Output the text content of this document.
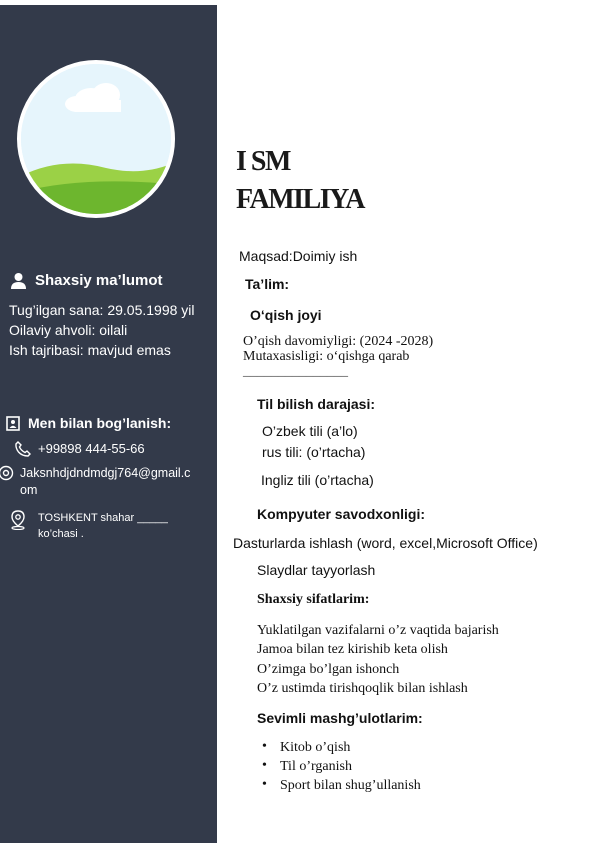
Shaxsiy ma’lumot
Tug’ilgan sana: 29.05.1998 yil
Oilaviy ahvoli: oilali
Ish tajribasi: mavjud emas
Men bilan bog’lanish:
+99898 444-55-66
Jaksnhdjdndmdgj764@gmail.c
om
TOSHKENT shahar _____
ko’chasi .
I SM
FAMILIYA
Maqsad:Doimiy ish
Ta’lim:
O‘qish joyi
O’qish davomiyligi: (2024 -2028)
Mutaxasisligi: o‘qishga qarab
_______________
Til bilish darajasi:
O’zbek tili (a’lo)
rus tili: (o’rtacha)
Ingliz tili (o’rtacha)
Kompyuter savodxonligi:
Dasturlarda ishlash (word, excel,Microsoft Office)
Slaydlar tayyorlash
Shaxsiy sifatlarim:
Yuklatilgan vazifalarni o’z vaqtida bajarish
Jamoa bilan tez kirishib keta olish
O’zimga bo’lgan ishonch
O’z ustimda tirishqoqlik bilan ishlash
Sevimli mashg’ulotlarim:
• Kitob o’qish
• Til o’rganish
• Sport bilan shug’ullanish
